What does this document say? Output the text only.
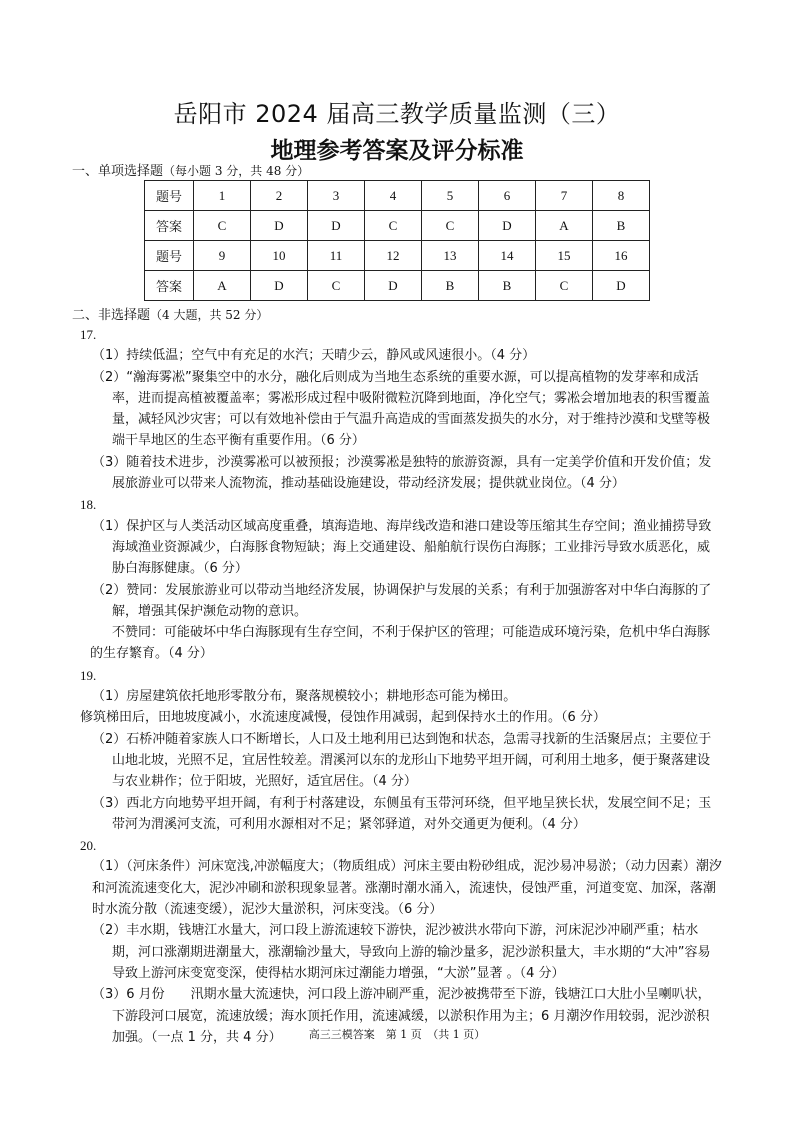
岳阳市 2024 届高三教学质量监测（三）
地理参考答案及评分标准
一、单项选择题（每小题 3 分，共 48 分）
题号	1	2	3	4	5	6	7	8
答案	C	D	D	C	C	D	A	B
题号	9	10	11	12	13	14	15	16
答案	A	D	C	D	B	B	C	D
二、非选择题（4 大题，共 52 分）
17.
（1）持续低温；空气中有充足的水汽；天晴少云，静风或风速很小。（4 分）
（2）“瀚海雾凇”聚集空中的水分，融化后则成为当地生态系统的重要水源，可以提高植物的发芽率和成活率，进而提高植被覆盖率；雾凇形成过程中吸附微粒沉降到地面，净化空气；雾凇会增加地表的积雪覆盖量，减轻风沙灾害；可以有效地补偿由于气温升高造成的雪面蒸发损失的水分，对于维持沙漠和戈壁等极端干旱地区的生态平衡有重要作用。（6 分）
（3）随着技术进步，沙漠雾凇可以被预报；沙漠雾凇是独特的旅游资源，具有一定美学价值和开发价值；发展旅游业可以带来人流物流，推动基础设施建设，带动经济发展；提供就业岗位。（4 分）
18.
（1）保护区与人类活动区域高度重叠，填海造地、海岸线改造和港口建设等压缩其生存空间；渔业捕捞导致海域渔业资源减少，白海豚食物短缺；海上交通建设、船舶航行误伤白海豚；工业排污导致水质恶化，威胁白海豚健康。（6 分）
（2）赞同：发展旅游业可以带动当地经济发展，协调保护与发展的关系；有利于加强游客对中华白海豚的了解，增强其保护濒危动物的意识。
不赞同：可能破坏中华白海豚现有生存空间，不利于保护区的管理；可能造成环境污染，危机中华白海豚的生存繁育。（4 分）
19.
（1）房屋建筑依托地形零散分布，聚落规模较小；耕地形态可能为梯田。
修筑梯田后，田地坡度减小，水流速度减慢，侵蚀作用减弱，起到保持水土的作用。（6 分）
（2）石桥冲随着家族人口不断增长，人口及土地利用已达到饱和状态，急需寻找新的生活聚居点；主要位于山地北坡，光照不足，宜居性较差。渭溪河以东的龙形山下地势平坦开阔，可利用土地多，便于聚落建设与农业耕作；位于阳坡，光照好，适宜居住。（4 分）
（3）西北方向地势平坦开阔，有利于村落建设，东侧虽有玉带河环绕，但平地呈狭长状，发展空间不足；玉带河为渭溪河支流，可利用水源相对不足；紧邻驿道，对外交通更为便利。（4 分）
20.
（1）（河床条件）河床宽浅,冲淤幅度大；（物质组成）河床主要由粉砂组成，泥沙易冲易淤；（动力因素）潮汐和河流流速变化大，泥沙冲刷和淤积现象显著。涨潮时潮水涌入，流速快，侵蚀严重，河道变宽、加深，落潮时水流分散（流速变缓），泥沙大量淤积，河床变浅。（6 分）
（2）丰水期，钱塘江水量大，河口段上游流速较下游快，泥沙被洪水带向下游，河床泥沙冲刷严重；枯水期，河口涨潮期进潮量大，涨潮输沙量大，导致向上游的输沙量多，泥沙淤积量大，丰水期的“大冲”容易导致上游河床变宽变深，使得枯水期河床过潮能力增强，“大淤”显著 。（4 分）
（3）6 月份　　汛期水量大流速快，河口段上游冲刷严重，泥沙被携带至下游，钱塘江口大肚小呈喇叭状，下游段河口展宽，流速放缓；海水顶托作用，流速减缓，以淤积作用为主；6 月潮汐作用较弱，泥沙淤积加强。（一点 1 分，共 4 分）	高三三模答案　第 1 页　（共 1 页）
